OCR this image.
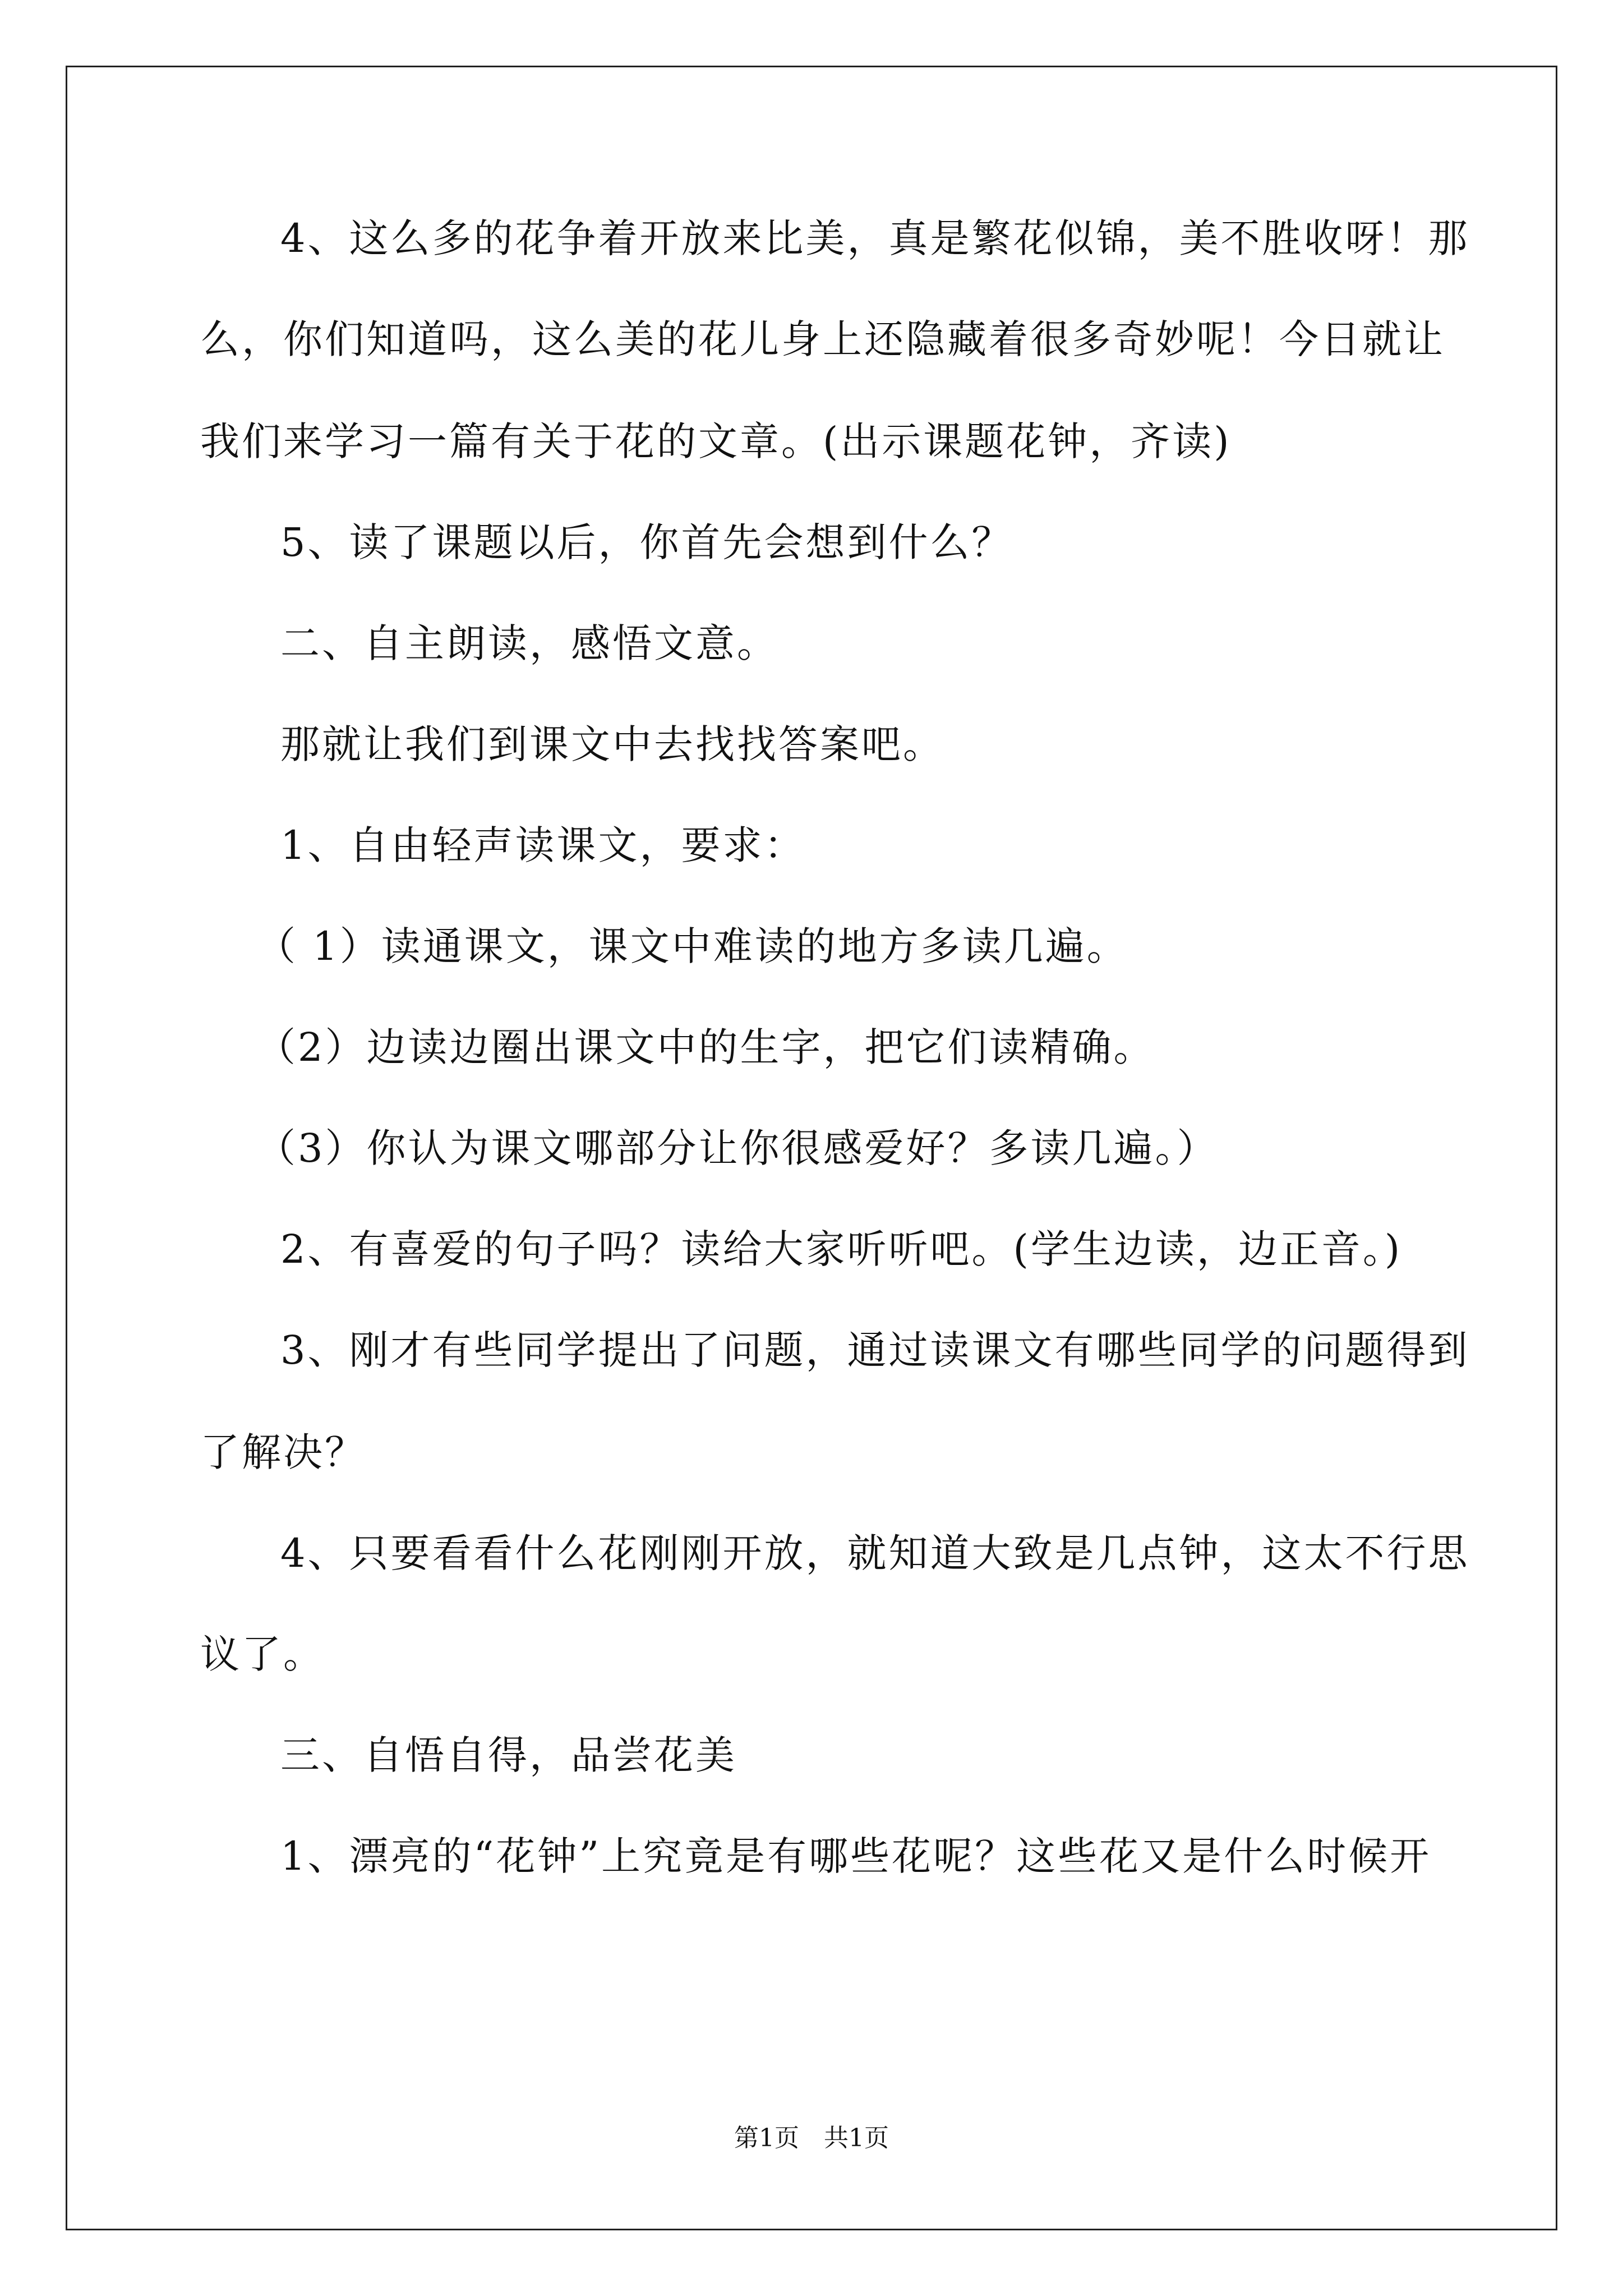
4、这么多的花争着开放来比美，真是繁花似锦，美不胜收呀！那
么，你们知道吗，这么美的花儿身上还隐藏着很多奇妙呢！今日就让
我们来学习一篇有关于花的文章。(出示课题花钟，齐读)
5、读了课题以后，你首先会想到什么？
二、自主朗读，感悟文意。
那就让我们到课文中去找找答案吧。
1、自由轻声读课文，要求：
（ 1）读通课文，课文中难读的地方多读几遍。
（2）边读边圈出课文中的生字，把它们读精确。
（3）你认为课文哪部分让你很感爱好？多读几遍。）
2、有喜爱的句子吗？读给大家听听吧。(学生边读，边正音。)
3、刚才有些同学提出了问题，通过读课文有哪些同学的问题得到
了解决？
4、只要看看什么花刚刚开放，就知道大致是几点钟，这太不行思
议了。
三、自悟自得，品尝花美
1、漂亮的“花钟”上究竟是有哪些花呢？这些花又是什么时候开
第1页　共1页
